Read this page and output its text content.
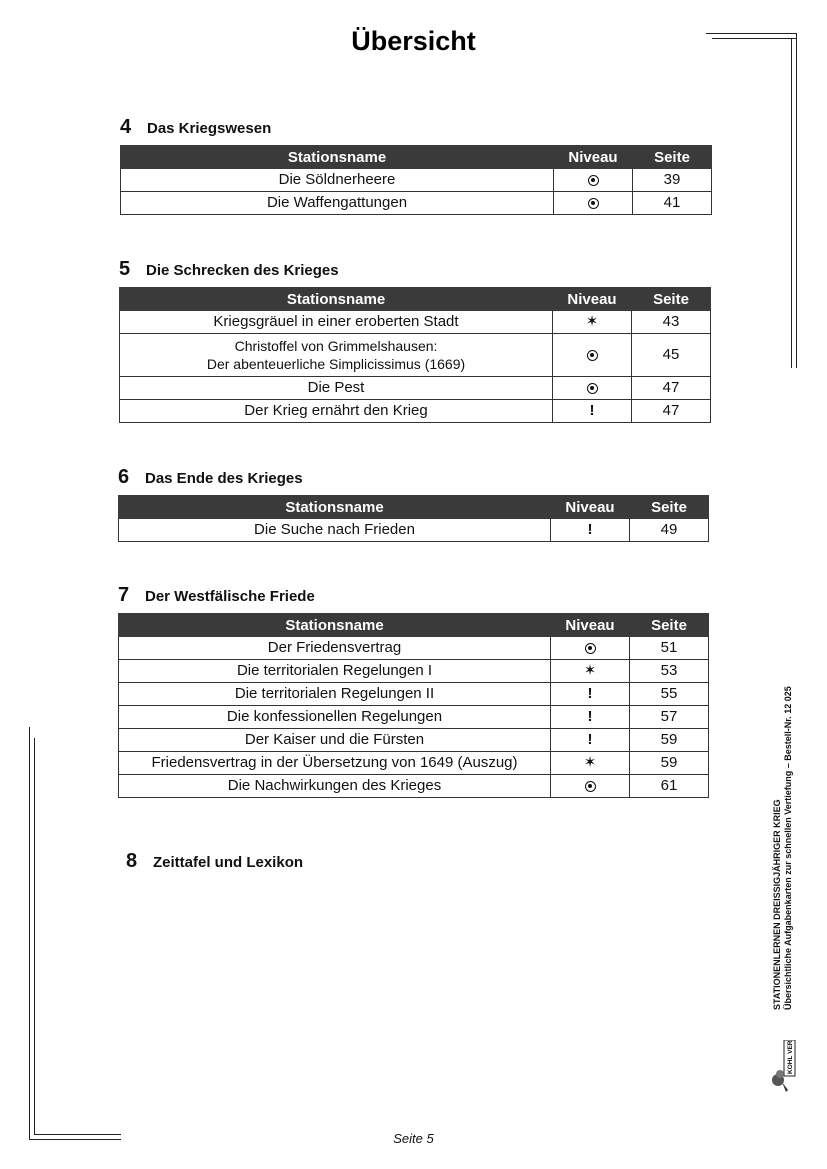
Übersicht
4	Das Kriegswesen
Stationsname	Niveau	Seite
Die Söldnerheere		39
Die Waffengattungen		41
5	Die Schrecken des Krieges
Stationsname	Niveau	Seite
Kriegsgräuel in einer eroberten Stadt	✶	43

Christoffel von Grimmelshausen:
Der abenteuerliche Simplicissimus (1669)		45
Die Pest		47
Der Krieg ernährt den Krieg	!	47
6	Das Ende des Krieges
Stationsname	Niveau	Seite
Die Suche nach Frieden	!	49
7	Der Westfälische Friede
Stationsname	Niveau	Seite
Der Friedensvertrag		51
Die territorialen Regelungen I	✶	53
Die territorialen Regelungen II	!	55
Die konfessionellen Regelungen	!	57
Der Kaiser und die Fürsten	!	59
Friedensvertrag in der Übersetzung von 1649 (Auszug)	✶	59
Die Nachwirkungen des Krieges		61
8	Zeittafel und Lexikon	STATIONENLERNEN DREISSIGJÄHRIGER KRIEG Übersichtliche Aufgabenkarten zur schnellen Vertiefung – Bestell-Nr. 12 025
KOHL VERLAG
Seite 5
